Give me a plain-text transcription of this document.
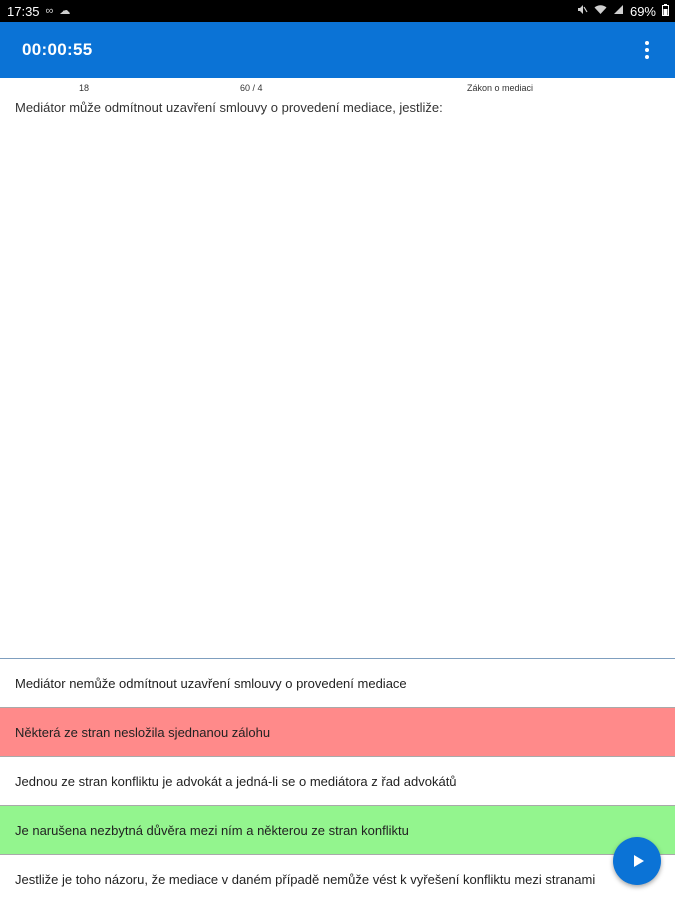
17:35 ∞ ☁	69%
00:00:55
18	60 / 4	Zákon o mediaci
Mediátor může odmítnout uzavření smlouvy o provedení mediace, jestliže:
Mediátor nemůže odmítnout uzavření smlouvy o provedení mediace
Některá ze stran nesložila sjednanou zálohu
Jednou ze stran konfliktu je advokát a jedná-li se o mediátora z řad advokátů
Je narušena nezbytná důvěra mezi ním a některou ze stran konfliktu
Jestliže je toho názoru, že mediace v daném případě nemůže vést k vyřešení konfliktu mezi stranami
